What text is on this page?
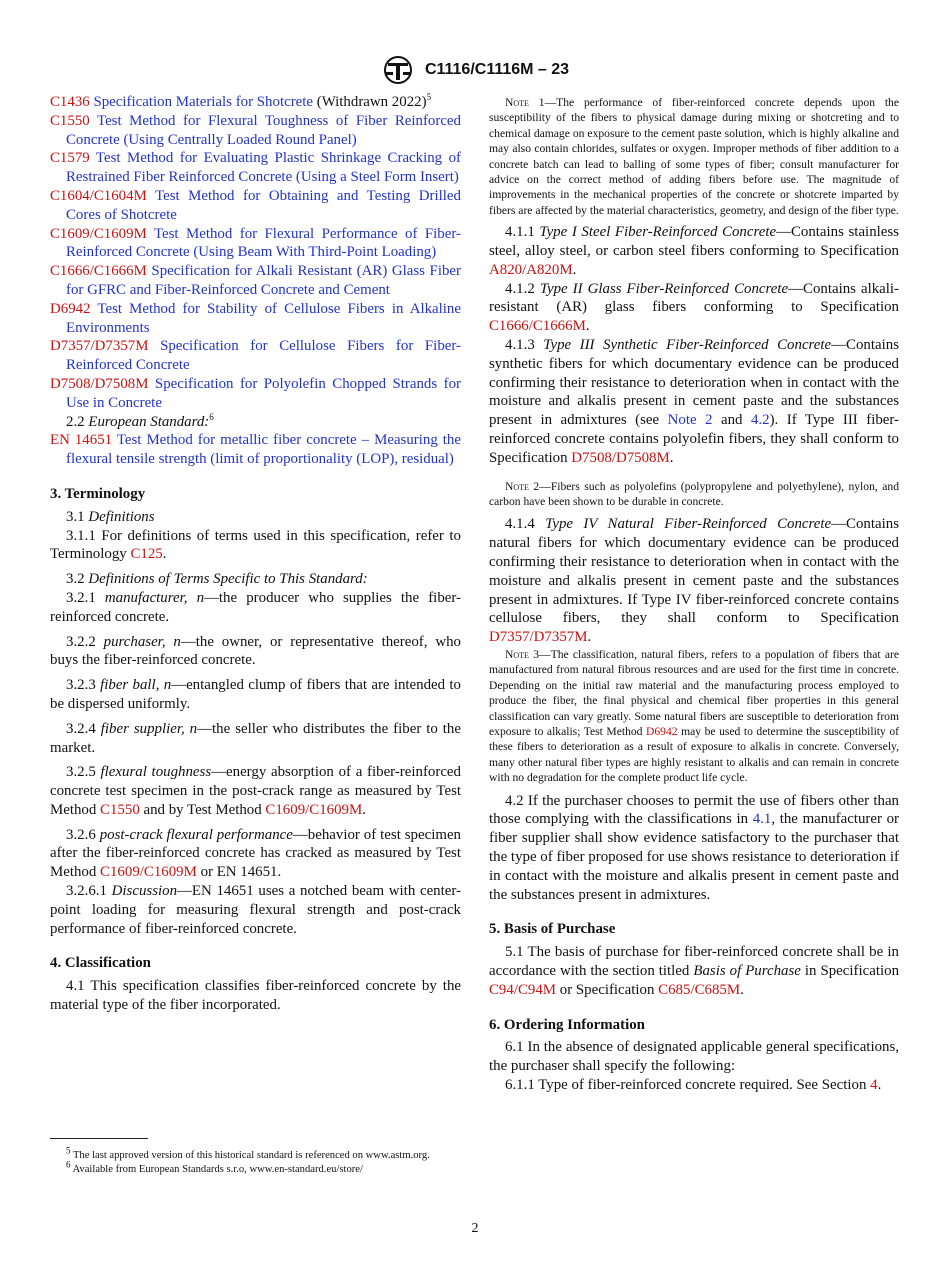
C1116/C1116M – 23

C1436 Specification Materials for Shotcrete (Withdrawn 2022)$^5$

C1550 Test Method for Flexural Toughness of Fiber Reinforced Concrete (Using Centrally Loaded Round Panel)

C1579 Test Method for Evaluating Plastic Shrinkage Cracking of Restrained Fiber Reinforced Concrete (Using a Steel Form Insert)

C1604/C1604M Test Method for Obtaining and Testing Drilled Cores of Shotcrete

C1609/C1609M Test Method for Flexural Performance of Fiber-Reinforced Concrete (Using Beam With Third-Point Loading)

C1666/C1666M Specification for Alkali Resistant (AR) Glass Fiber for GFRC and Fiber-Reinforced Concrete and Cement

D6942 Test Method for Stability of Cellulose Fibers in Alkaline Environments

D7357/D7357M Specification for Cellulose Fibers for Fiber-Reinforced Concrete

D7508/D7508M Specification for Polyolefin Chopped Strands for Use in Concrete

2.2 European Standard:$^6$

EN 14651 Test Method for metallic fiber concrete – Measuring the flexural tensile strength (limit of proportionality (LOP), residual)

3. Terminology

3.1 Definitions

3.1.1 For definitions of terms used in this specification, refer to Terminology C125.

3.2 Definitions of Terms Specific to This Standard:

3.2.1 manufacturer, n—the producer who supplies the fiber-reinforced concrete.

3.2.2 purchaser, n—the owner, or representative thereof, who buys the fiber-reinforced concrete.

3.2.3 fiber ball, n—entangled clump of fibers that are intended to be dispersed uniformly.

3.2.4 fiber supplier, n—the seller who distributes the fiber to the market.

3.2.5 flexural toughness—energy absorption of a fiber-reinforced concrete test specimen in the post-crack range as measured by Test Method C1550 and by Test Method C1609/C1609M.

3.2.6 post-crack flexural performance—behavior of test specimen after the fiber-reinforced concrete has cracked as measured by Test Method C1609/C1609M or EN 14651.

3.2.6.1 Discussion—EN 14651 uses a notched beam with center-point loading for measuring flexural strength and post-crack performance of fiber-reinforced concrete.

4. Classification

4.1 This specification classifies fiber-reinforced concrete by the material type of the fiber incorporated.

$^5$ The last approved version of this historical standard is referenced on www.astm.org.

$^6$ Available from European Standards s.r.o, www.en-standard.eu/store/

Note 1—The performance of fiber-reinforced concrete depends upon the susceptibility of the fibers to physical damage during mixing or shotcreting and to chemical damage on exposure to the cement paste solution, which is highly alkaline and may also contain chlorides, sulfates or oxygen. Improper methods of fiber addition to a concrete batch can lead to balling of some types of fiber; consult manufacturer for advice on the correct method of adding fibers before use. The magnitude of improvements in the mechanical properties of the concrete or shotcrete imparted by fibers are affected by the material characteristics, geometry, and design of the fiber type.

4.1.1 Type I Steel Fiber-Reinforced Concrete—Contains stainless steel, alloy steel, or carbon steel fibers conforming to Specification A820/A820M.

4.1.2 Type II Glass Fiber-Reinforced Concrete—Contains alkali-resistant (AR) glass fibers conforming to Specification C1666/C1666M.

4.1.3 Type III Synthetic Fiber-Reinforced Concrete—Contains synthetic fibers for which documentary evidence can be produced confirming their resistance to deterioration when in contact with the moisture and alkalis present in cement paste and the substances present in admixtures (see Note 2 and 4.2). If Type III fiber-reinforced concrete contains polyolefin fibers, they shall conform to Specification D7508/D7508M.

Note 2—Fibers such as polyolefins (polypropylene and polyethylene), nylon, and carbon have been shown to be durable in concrete.

4.1.4 Type IV Natural Fiber-Reinforced Concrete—Contains natural fibers for which documentary evidence can be produced confirming their resistance to deterioration when in contact with the moisture and alkalis present in cement paste and the substances present in admixtures. If Type IV fiber-reinforced concrete contains cellulose fibers, they shall conform to Specification D7357/D7357M.

Note 3—The classification, natural fibers, refers to a population of fibers that are manufactured from natural fibrous resources and are used for the first time in concrete. Depending on the initial raw material and the manufacturing process employed to produce the fiber, the final physical and chemical fiber properties in this general classification can vary greatly. Some natural fibers are susceptible to deterioration from exposure to alkalis; Test Method D6942 may be used to determine the susceptibility of these fibers to deterioration as a result of exposure to alkalis in concrete. Conversely, many other natural fiber types are highly resistant to alkalis and can remain in concrete with no degradation for the complete product life cycle.

4.2 If the purchaser chooses to permit the use of fibers other than those complying with the classifications in 4.1, the manufacturer or fiber supplier shall show evidence satisfactory to the purchaser that the type of fiber proposed for use shows resistance to deterioration if in contact with the moisture and alkalis present in cement paste and the substances present in admixtures.

5. Basis of Purchase

5.1 The basis of purchase for fiber-reinforced concrete shall be in accordance with the section titled Basis of Purchase in Specification C94/C94M or Specification C685/C685M.

6. Ordering Information

6.1 In the absence of designated applicable general specifications, the purchaser shall specify the following:

6.1.1 Type of fiber-reinforced concrete required. See Section 4.

2
